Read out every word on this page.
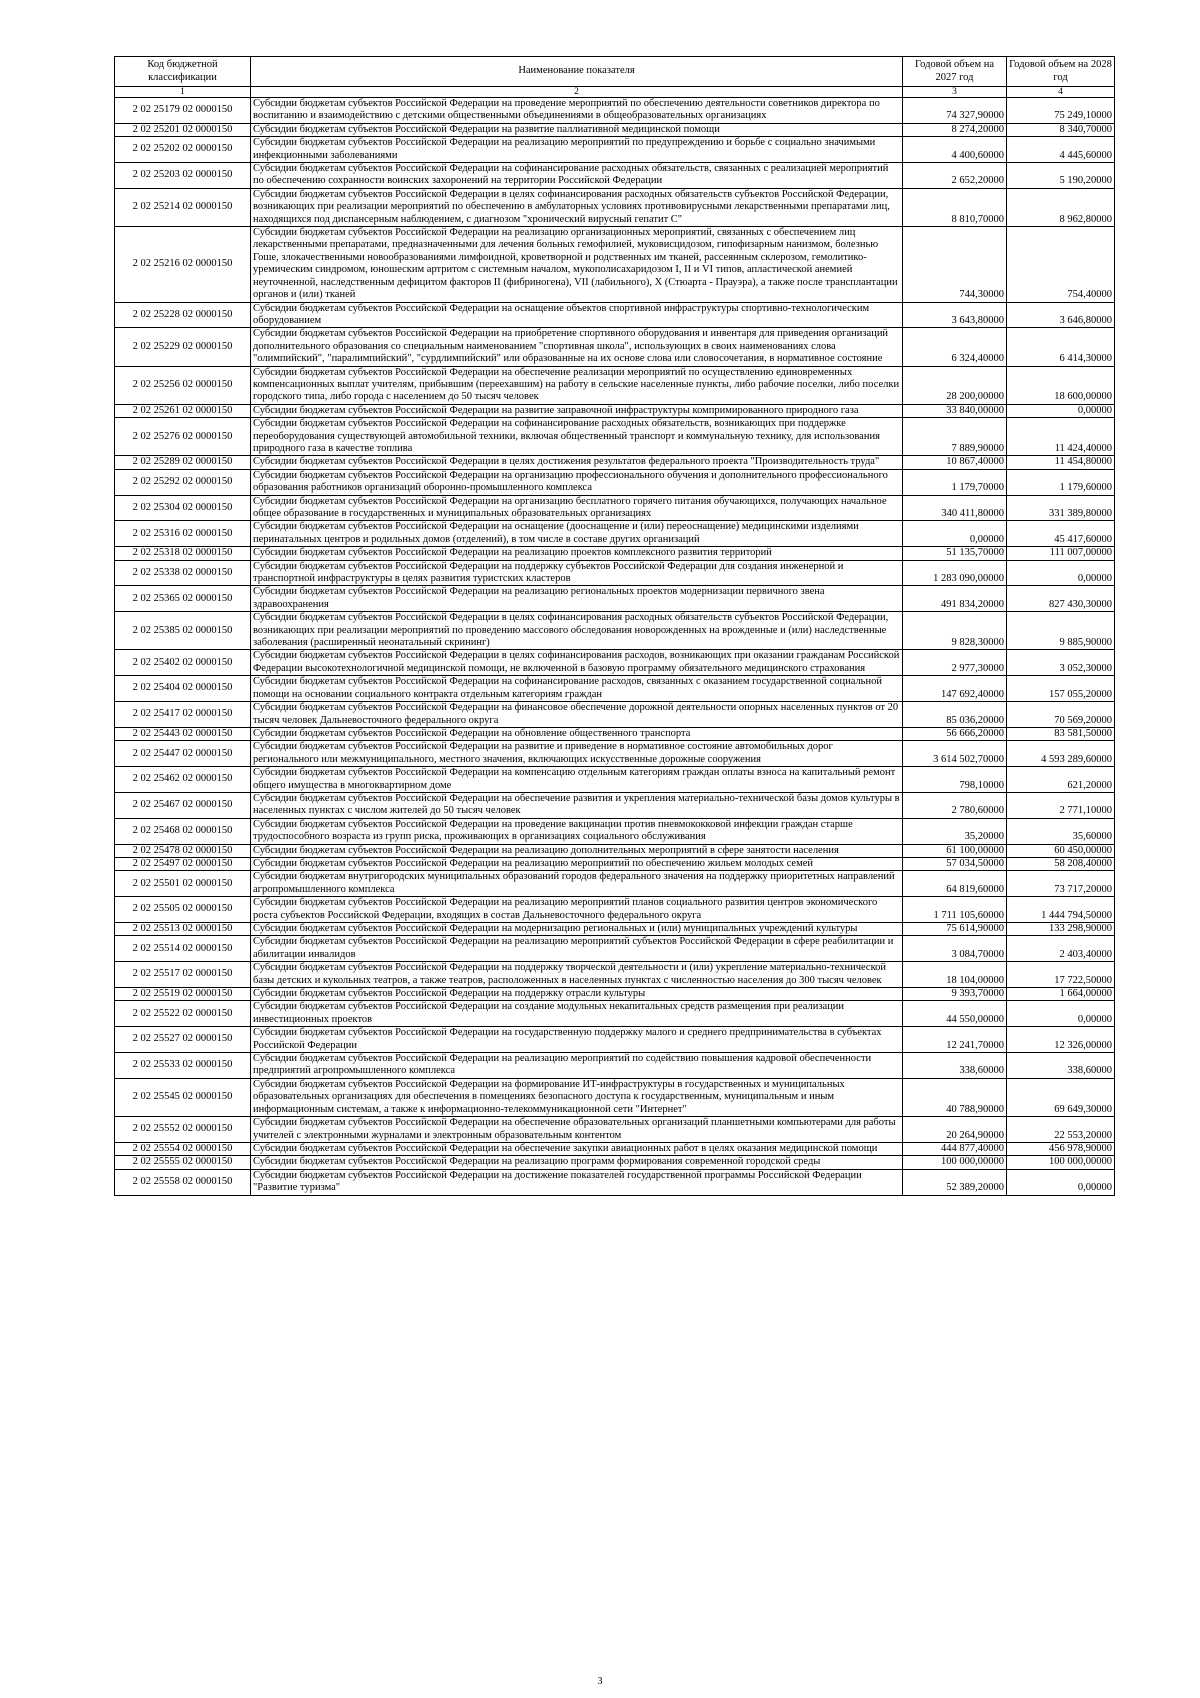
Код бюджетной классификации	Наименование показателя	Годовой объем на 2027 год	Годовой объем на 2028 год
1	2	3	4
2 02 25179 02 0000150	Субсидии бюджетам субъектов Российской Федерации на проведение мероприятий по обеспечению деятельности советников директора по воспитанию и взаимодействию с детскими общественными объединениями в общеобразовательных организациях	74 327,90000	75 249,10000
2 02 25201 02 0000150	Субсидии бюджетам субъектов Российской Федерации на развитие паллиативной медицинской помощи	8 274,20000	8 340,70000
2 02 25202 02 0000150	Субсидии бюджетам субъектов Российской Федерации на реализацию мероприятий по предупреждению и борьбе с социально значимыми инфекционными заболеваниями	4 400,60000	4 445,60000
2 02 25203 02 0000150	Субсидии бюджетам субъектов Российской Федерации на софинансирование расходных обязательств, связанных с реализацией мероприятий по обеспечению сохранности воинских захоронений на территории Российской Федерации	2 652,20000	5 190,20000
2 02 25214 02 0000150	Субсидии бюджетам субъектов Российской Федерации в целях софинансирования расходных обязательств субъектов Российской Федерации, возникающих при реализации мероприятий по обеспечению в амбулаторных условиях противовирусными лекарственными препаратами лиц, находящихся под диспансерным наблюдением, с диагнозом "хронический вирусный гепатит С"	8 810,70000	8 962,80000
2 02 25216 02 0000150	Субсидии бюджетам субъектов Российской Федерации на реализацию организационных мероприятий, связанных с обеспечением лиц лекарственными препаратами, предназначенными для лечения больных гемофилией, муковисцидозом, гипофизарным нанизмом, болезнью Гоше, злокачественными новообразованиями лимфоидной, кроветворной и родственных им тканей, рассеянным склерозом, гемолитико-уремическим синдромом, юношеским артритом с системным началом, мукополисахаридозом I, II и VI типов, апластической анемией неуточненной, наследственным дефицитом факторов II (фибриногена), VII (лабильного), X (Стюарта - Прауэра), а также после трансплантации органов и (или) тканей	744,30000	754,40000
2 02 25228 02 0000150	Субсидии бюджетам субъектов Российской Федерации на оснащение объектов спортивной инфраструктуры спортивно-технологическим оборудованием	3 643,80000	3 646,80000
2 02 25229 02 0000150	Субсидии бюджетам субъектов Российской Федерации на приобретение спортивного оборудования и инвентаря для приведения организаций дополнительного образования со специальным наименованием "спортивная школа", использующих в своих наименованиях слова "олимпийский", "паралимпийский", "сурдлимпийский" или образованные на их основе слова или словосочетания, в нормативное состояние	6 324,40000	6 414,30000
2 02 25256 02 0000150	Субсидии бюджетам субъектов Российской Федерации на обеспечение реализации мероприятий по осуществлению единовременных компенсационных выплат учителям, прибывшим (переехавшим) на работу в сельские населенные пункты, либо рабочие поселки, либо поселки городского типа, либо города с населением до 50 тысяч человек	28 200,00000	18 600,00000
2 02 25261 02 0000150	Субсидии бюджетам субъектов Российской Федерации на развитие заправочной инфраструктуры компримированного природного газа	33 840,00000	0,00000
2 02 25276 02 0000150	Субсидии бюджетам субъектов Российской Федерации на софинансирование расходных обязательств, возникающих при поддержке переоборудования существующей автомобильной техники, включая общественный транспорт и коммунальную технику, для использования природного газа в качестве топлива	7 889,90000	11 424,40000
2 02 25289 02 0000150	Субсидии бюджетам субъектов Российской Федерации в целях достижения результатов федерального проекта "Производительность труда"	10 867,40000	11 454,80000
2 02 25292 02 0000150	Субсидии бюджетам субъектов Российской Федерации на организацию профессионального обучения и дополнительного профессионального образования работников организаций оборонно-промышленного комплекса	1 179,70000	1 179,60000
2 02 25304 02 0000150	Субсидии бюджетам субъектов Российской Федерации на организацию бесплатного горячего питания обучающихся, получающих начальное общее образование в государственных и муниципальных образовательных организациях	340 411,80000	331 389,80000
2 02 25316 02 0000150	Субсидии бюджетам субъектов Российской Федерации на оснащение (дооснащение и (или) переоснащение) медицинскими изделиями перинатальных центров и родильных домов (отделений), в том числе в составе других организаций	0,00000	45 417,60000
2 02 25318 02 0000150	Субсидии бюджетам субъектов Российской Федерации на реализацию проектов комплексного развития территорий	51 135,70000	111 007,00000
2 02 25338 02 0000150	Субсидии бюджетам субъектов Российской Федерации на поддержку субъектов Российской Федерации для создания инженерной и транспортной инфраструктуры в целях развития туристских кластеров	1 283 090,00000	0,00000
2 02 25365 02 0000150	Субсидии бюджетам субъектов Российской Федерации на реализацию региональных проектов модернизации первичного звена здравоохранения	491 834,20000	827 430,30000
2 02 25385 02 0000150	Субсидии бюджетам субъектов Российской Федерации в целях софинансирования расходных обязательств субъектов Российской Федерации, возникающих при реализации мероприятий по проведению массового обследования новорожденных на врожденные и (или) наследственные заболевания (расширенный неонатальный скрининг)	9 828,30000	9 885,90000
2 02 25402 02 0000150	Субсидии бюджетам субъектов Российской Федерации в целях софинансирования расходов, возникающих при оказании гражданам Российской Федерации высокотехнологичной медицинской помощи, не включенной в базовую программу обязательного медицинского страхования	2 977,30000	3 052,30000
2 02 25404 02 0000150	Субсидии бюджетам субъектов Российской Федерации на софинансирование расходов, связанных с оказанием государственной социальной помощи на основании социального контракта отдельным категориям граждан	147 692,40000	157 055,20000
2 02 25417 02 0000150	Субсидии бюджетам субъектов Российской Федерации на финансовое обеспечение дорожной деятельности опорных населенных пунктов от 20 тысяч человек Дальневосточного федерального округа	85 036,20000	70 569,20000
2 02 25443 02 0000150	Субсидии бюджетам субъектов Российской Федерации на обновление общественного транспорта	56 666,20000	83 581,50000
2 02 25447 02 0000150	Субсидии бюджетам субъектов Российской Федерации на развитие и приведение в нормативное состояние автомобильных дорог регионального или межмуниципального, местного значения, включающих искусственные дорожные сооружения	3 614 502,70000	4 593 289,60000
2 02 25462 02 0000150	Субсидии бюджетам субъектов Российской Федерации на компенсацию отдельным категориям граждан оплаты взноса на капитальный ремонт общего имущества в многоквартирном доме	798,10000	621,20000
2 02 25467 02 0000150	Субсидии бюджетам субъектов Российской Федерации на обеспечение развития и укрепления материально-технической базы домов культуры в населенных пунктах с числом жителей до 50 тысяч человек	2 780,60000	2 771,10000
2 02 25468 02 0000150	Субсидии бюджетам субъектов Российской Федерации на проведение вакцинации против пневмококковой инфекции граждан старше трудоспособного возраста из групп риска, проживающих в организациях социального обслуживания	35,20000	35,60000
2 02 25478 02 0000150	Субсидии бюджетам субъектов Российской Федерации на реализацию дополнительных мероприятий в сфере занятости населения	61 100,00000	60 450,00000
2 02 25497 02 0000150	Субсидии бюджетам субъектов Российской Федерации на реализацию мероприятий по обеспечению жильем молодых семей	57 034,50000	58 208,40000
2 02 25501 02 0000150	Субсидии бюджетам внутригородских муниципальных образований городов федерального значения на поддержку приоритетных направлений агропромышленного комплекса	64 819,60000	73 717,20000
2 02 25505 02 0000150	Субсидии бюджетам субъектов Российской Федерации на реализацию мероприятий планов социального развития центров экономического роста субъектов Российской Федерации, входящих в состав Дальневосточного федерального округа	1 711 105,60000	1 444 794,50000
2 02 25513 02 0000150	Субсидии бюджетам субъектов Российской Федерации на модернизацию региональных и (или) муниципальных учреждений культуры	75 614,90000	133 298,90000
2 02 25514 02 0000150	Субсидии бюджетам субъектов Российской Федерации на реализацию мероприятий субъектов Российской Федерации в сфере реабилитации и абилитации инвалидов	3 084,70000	2 403,40000
2 02 25517 02 0000150	Субсидии бюджетам субъектов Российской Федерации на поддержку творческой деятельности и (или) укрепление материально-технической базы детских и кукольных театров, а также театров, расположенных в населенных пунктах с численностью населения до 300 тысяч человек	18 104,00000	17 722,50000
2 02 25519 02 0000150	Субсидии бюджетам субъектов Российской Федерации на поддержку отрасли культуры	9 393,70000	1 664,00000
2 02 25522 02 0000150	Субсидии бюджетам субъектов Российской Федерации на создание модульных некапитальных средств размещения при реализации инвестиционных проектов	44 550,00000	0,00000
2 02 25527 02 0000150	Субсидии бюджетам субъектов Российской Федерации на государственную поддержку малого и среднего предпринимательства в субъектах Российской Федерации	12 241,70000	12 326,00000
2 02 25533 02 0000150	Субсидии бюджетам субъектов Российской Федерации на реализацию мероприятий по содействию повышения кадровой обеспеченности предприятий агропромышленного комплекса	338,60000	338,60000
2 02 25545 02 0000150	Субсидии бюджетам субъектов Российской Федерации на формирование ИТ-инфраструктуры в государственных и муниципальных образовательных организациях для обеспечения в помещениях безопасного доступа к государственным, муниципальным и иным информационным системам, а также к информационно-телекоммуникационной сети "Интернет"	40 788,90000	69 649,30000
2 02 25552 02 0000150	Субсидии бюджетам субъектов Российской Федерации на обеспечение образовательных организаций планшетными компьютерами для работы учителей с электронными журналами и электронным образовательным контентом	20 264,90000	22 553,20000
2 02 25554 02 0000150	Субсидии бюджетам субъектов Российской Федерации на обеспечение закупки авиационных работ в целях оказания медицинской помощи	444 877,40000	456 978,90000
2 02 25555 02 0000150	Субсидии бюджетам субъектов Российской Федерации на реализацию программ формирования современной городской среды	100 000,00000	100 000,00000
2 02 25558 02 0000150	Субсидии бюджетам субъектов Российской Федерации на достижение показателей государственной программы Российской Федерации "Развитие туризма"	52 389,20000	0,00000
3
